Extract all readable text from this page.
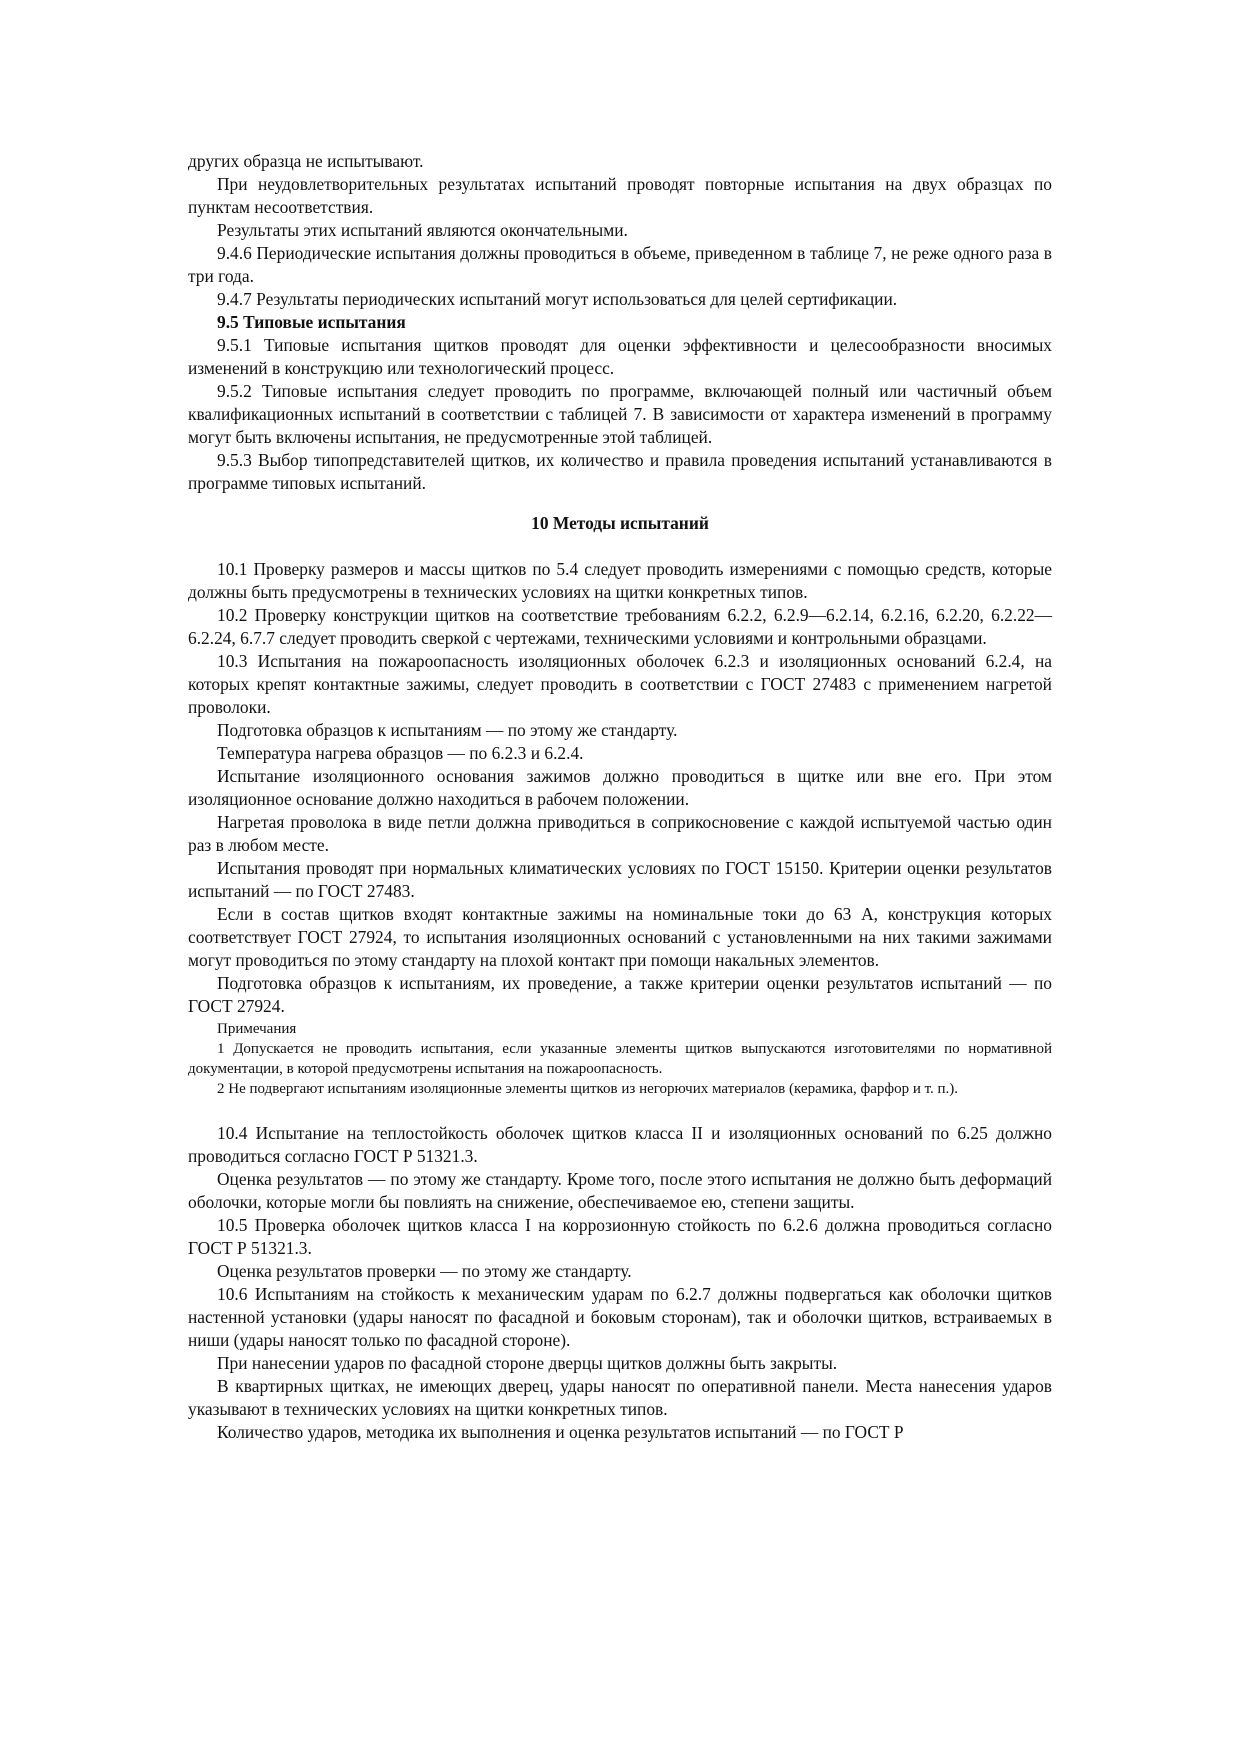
других образца не испытывают.

При неудовлетворительных результатах испытаний проводят повторные испытания на двух образцах по пунктам несоответствия.

Результаты этих испытаний являются окончательными.

9.4.6 Периодические испытания должны проводиться в объеме, приведенном в таблице 7, не реже одного раза в три года.

9.4.7 Результаты периодических испытаний могут использоваться для целей сертификации.

9.5 Типовые испытания

9.5.1 Типовые испытания щитков проводят для оценки эффективности и целесообразности вносимых изменений в конструкцию или технологический процесс.

9.5.2 Типовые испытания следует проводить по программе, включающей полный или частичный объем квалификационных испытаний в соответствии с таблицей 7. В зависимости от характера изменений в программу могут быть включены испытания, не предусмотренные этой таблицей.

9.5.3 Выбор типопредставителей щитков, их количество и правила проведения испытаний устанавливаются в программе типовых испытаний.

10 Методы испытаний

10.1 Проверку размеров и массы щитков по 5.4 следует проводить измерениями с помощью средств, которые должны быть предусмотрены в технических условиях на щитки конкретных типов.

10.2 Проверку конструкции щитков на соответствие требованиям 6.2.2, 6.2.9—6.2.14, 6.2.16, 6.2.20, 6.2.22—6.2.24, 6.7.7 следует проводить сверкой с чертежами, техническими условиями и контрольными образцами.

10.3 Испытания на пожароопасность изоляционных оболочек 6.2.3 и изоляционных оснований 6.2.4, на которых крепят контактные зажимы, следует проводить в соответствии с ГОСТ 27483 с применением нагретой проволоки.

Подготовка образцов к испытаниям — по этому же стандарту.

Температура нагрева образцов — по 6.2.3 и 6.2.4.

Испытание изоляционного основания зажимов должно проводиться в щитке или вне его. При этом изоляционное основание должно находиться в рабочем положении.

Нагретая проволока в виде петли должна приводиться в соприкосновение с каждой испытуемой частью один раз в любом месте.

Испытания проводят при нормальных климатических условиях по ГОСТ 15150. Критерии оценки результатов испытаний — по ГОСТ 27483.

Если в состав щитков входят контактные зажимы на номинальные токи до 63 А, конструкция которых соответствует ГОСТ 27924, то испытания изоляционных оснований с установленными на них такими зажимами могут проводиться по этому стандарту на плохой контакт при помощи накальных элементов.

Подготовка образцов к испытаниям, их проведение, а также критерии оценки результатов испытаний — по ГОСТ 27924.

Примечания

1 Допускается не проводить испытания, если указанные элементы щитков выпускаются изготовителями по нормативной документации, в которой предусмотрены испытания на пожароопасность.

2 Не подвергают испытаниям изоляционные элементы щитков из негорючих материалов (керамика, фарфор и т. п.).

10.4 Испытание на теплостойкость оболочек щитков класса II и изоляционных оснований по 6.25 должно проводиться согласно ГОСТ Р 51321.3.

Оценка результатов — по этому же стандарту. Кроме того, после этого испытания не должно быть деформаций оболочки, которые могли бы повлиять на снижение, обеспечиваемое ею, степени защиты.

10.5 Проверка оболочек щитков класса I на коррозионную стойкость по 6.2.6 должна проводиться согласно ГОСТ Р 51321.3.

Оценка результатов проверки — по этому же стандарту.

10.6 Испытаниям на стойкость к механическим ударам по 6.2.7 должны подвергаться как оболочки щитков настенной установки (удары наносят по фасадной и боковым сторонам), так и оболочки щитков, встраиваемых в ниши (удары наносят только по фасадной стороне).

При нанесении ударов по фасадной стороне дверцы щитков должны быть закрыты.

В квартирных щитках, не имеющих дверец, удары наносят по оперативной панели. Места нанесения ударов указывают в технических условиях на щитки конкретных типов.

Количество ударов, методика их выполнения и оценка результатов испытаний — по ГОСТ Р
